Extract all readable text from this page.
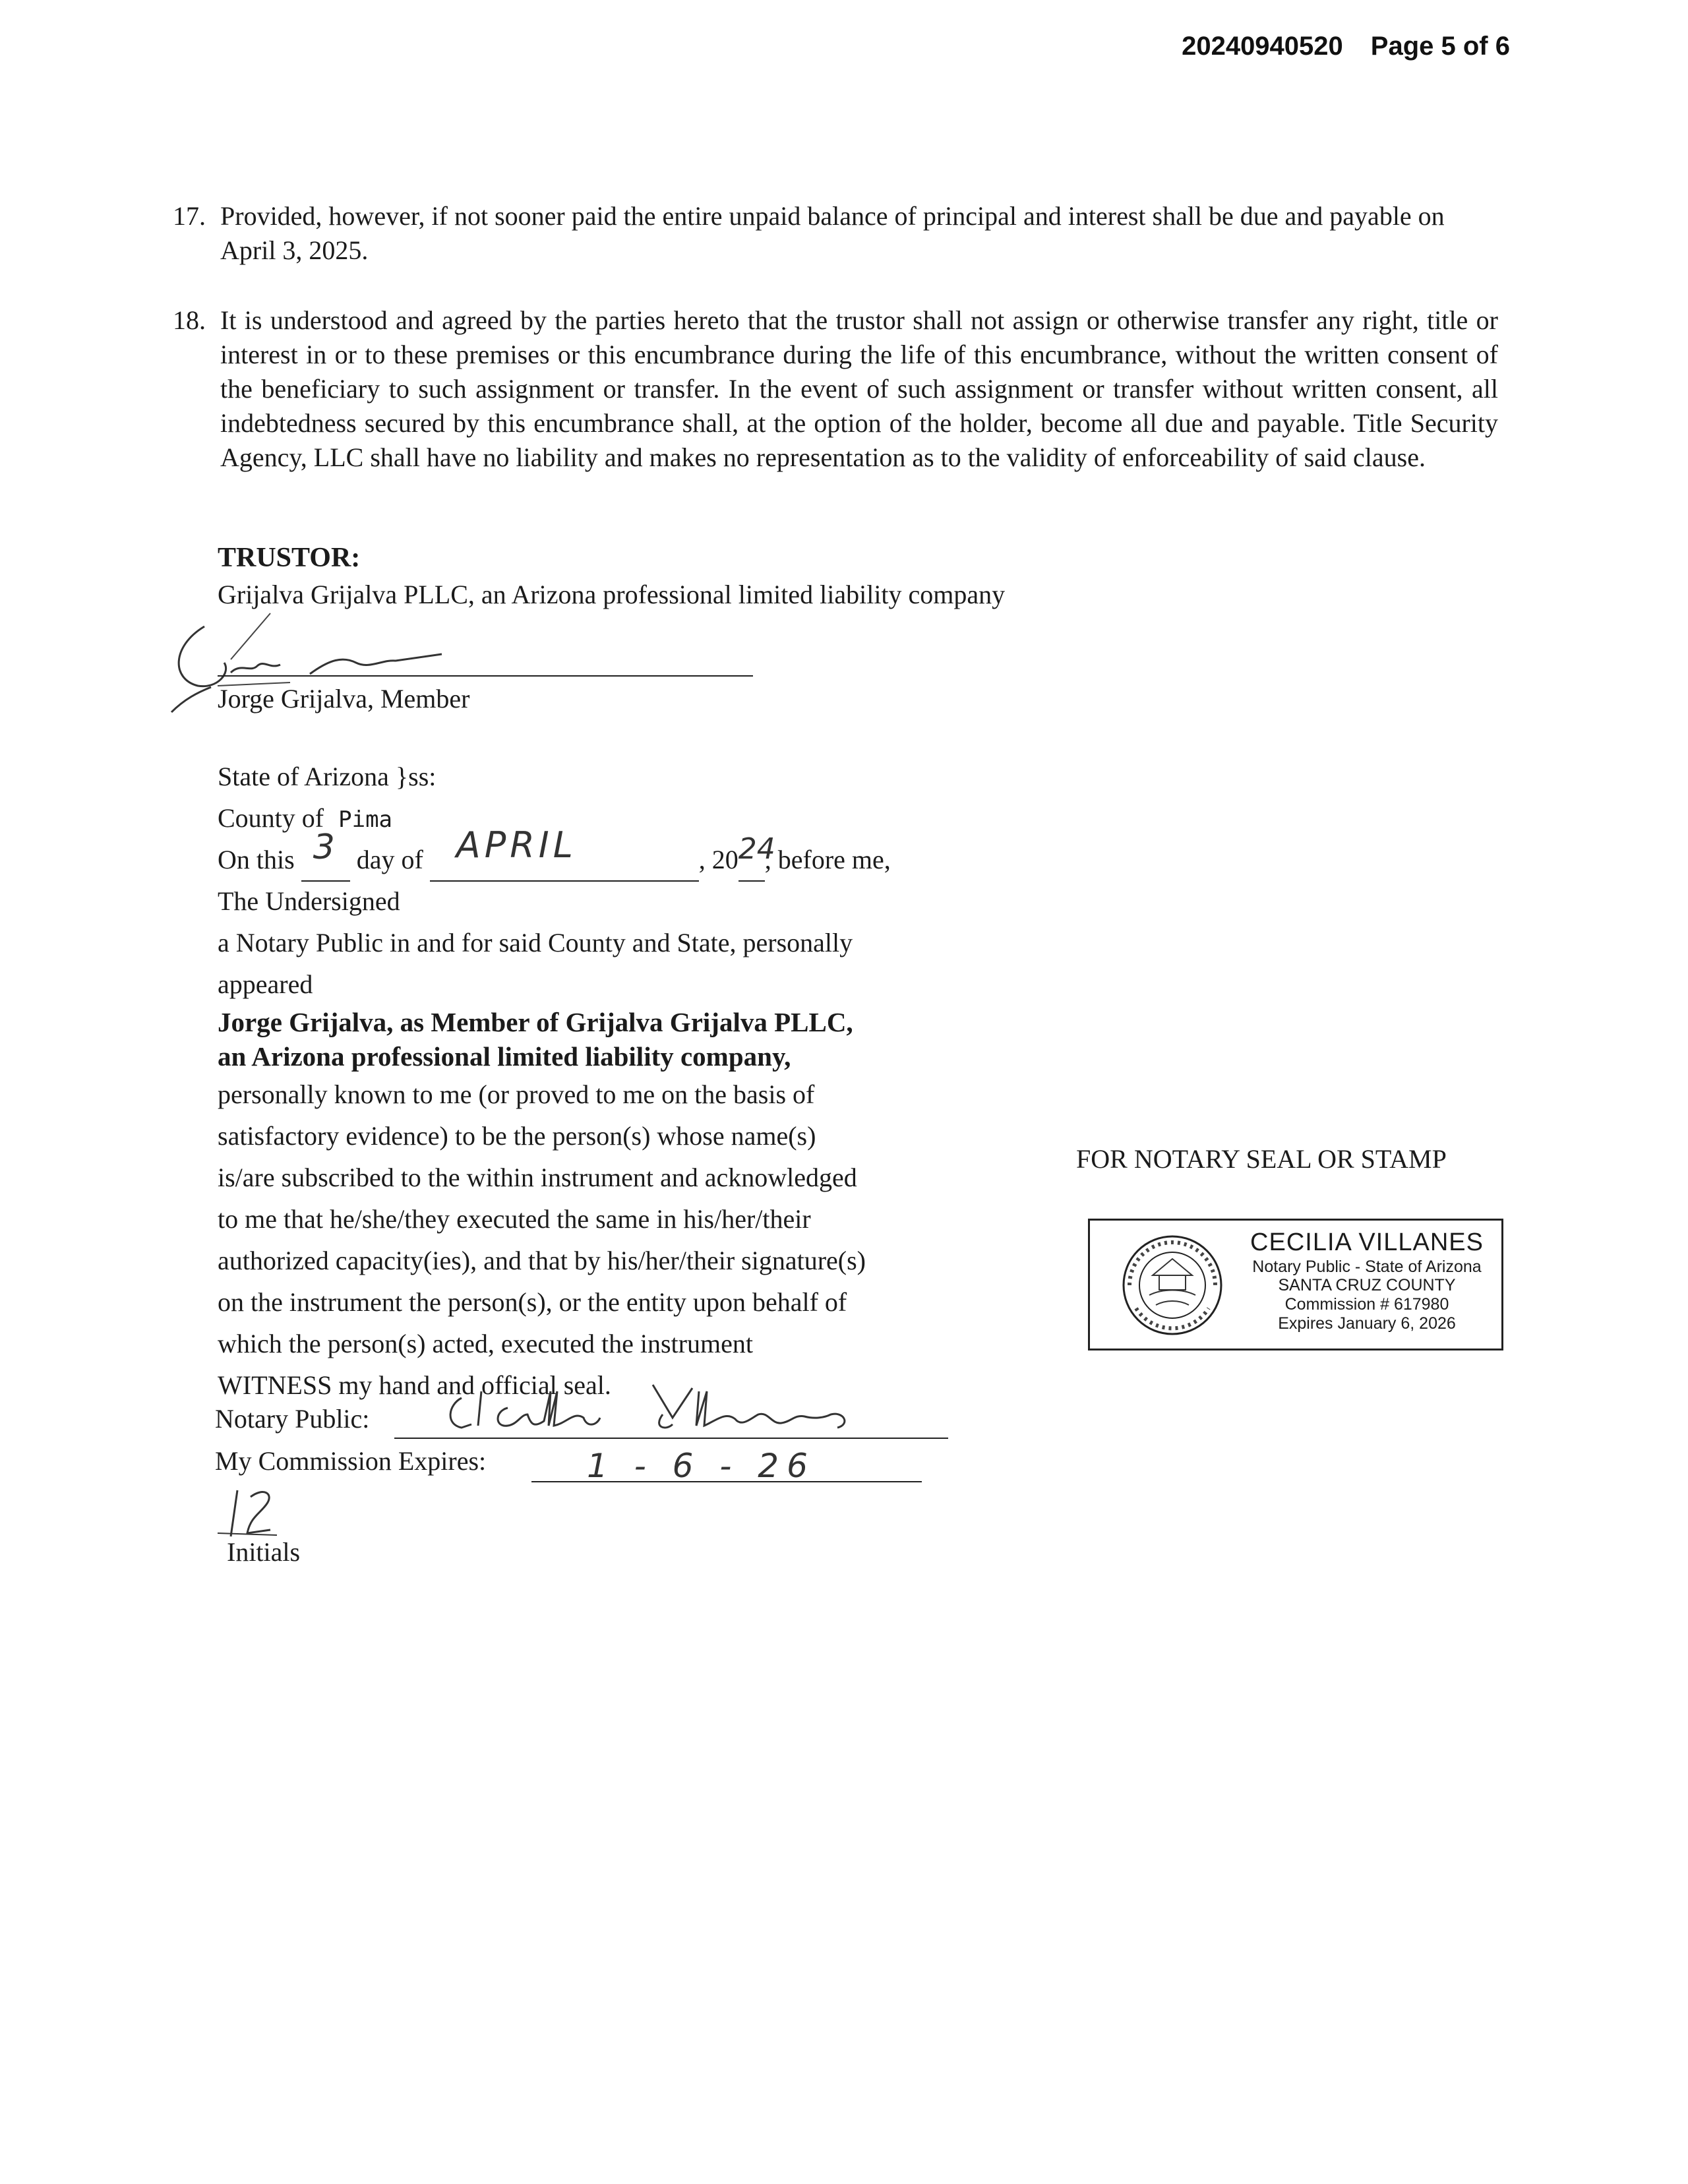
20240940520 Page 5 of 6
17. Provided, however, if not sooner paid the entire unpaid balance of principal and interest shall be due and payable on April 3, 2025.
18. It is understood and agreed by the parties hereto that the trustor shall not assign or otherwise transfer any right, title or interest in or to these premises or this encumbrance during the life of this encumbrance, without the written consent of the beneficiary to such assignment or transfer. In the event of such assignment or transfer without written consent, all indebtedness secured by this encumbrance shall, at the option of the holder, become all due and payable. Title Security Agency, LLC shall have no liability and makes no representation as to the validity of enforceability of said clause.
TRUSTOR:
Grijalva Grijalva PLLC, an Arizona professional limited liability company
Jorge Grijalva, Member
State of Arizona }ss:
County of Pima
On this 3 day of APRIL	, 20 24
, before me,
The Undersigned
a Notary Public in and for said County and State, personally
appeared
Jorge Grijalva, as Member of Grijalva Grijalva PLLC,
an Arizona professional limited liability company,
personally known to me (or proved to me on the basis of
satisfactory evidence) to be the person(s) whose name(s)
is/are subscribed to the within instrument and acknowledged
to me that he/she/they executed the same in his/her/their
authorized capacity(ies), and that by his/her/their signature(s)
on the instrument the person(s), or the entity upon behalf of
which the person(s) acted, executed the instrument
WITNESS my hand and official seal.
Notary Public:
My Commission Expires:	1 - 6 - 26
Initials
FOR NOTARY SEAL OR STAMP
CECILIA VILLANES
Notary Public - State of Arizona
SANTA CRUZ COUNTY
Commission # 617980
Expires January 6, 2026
